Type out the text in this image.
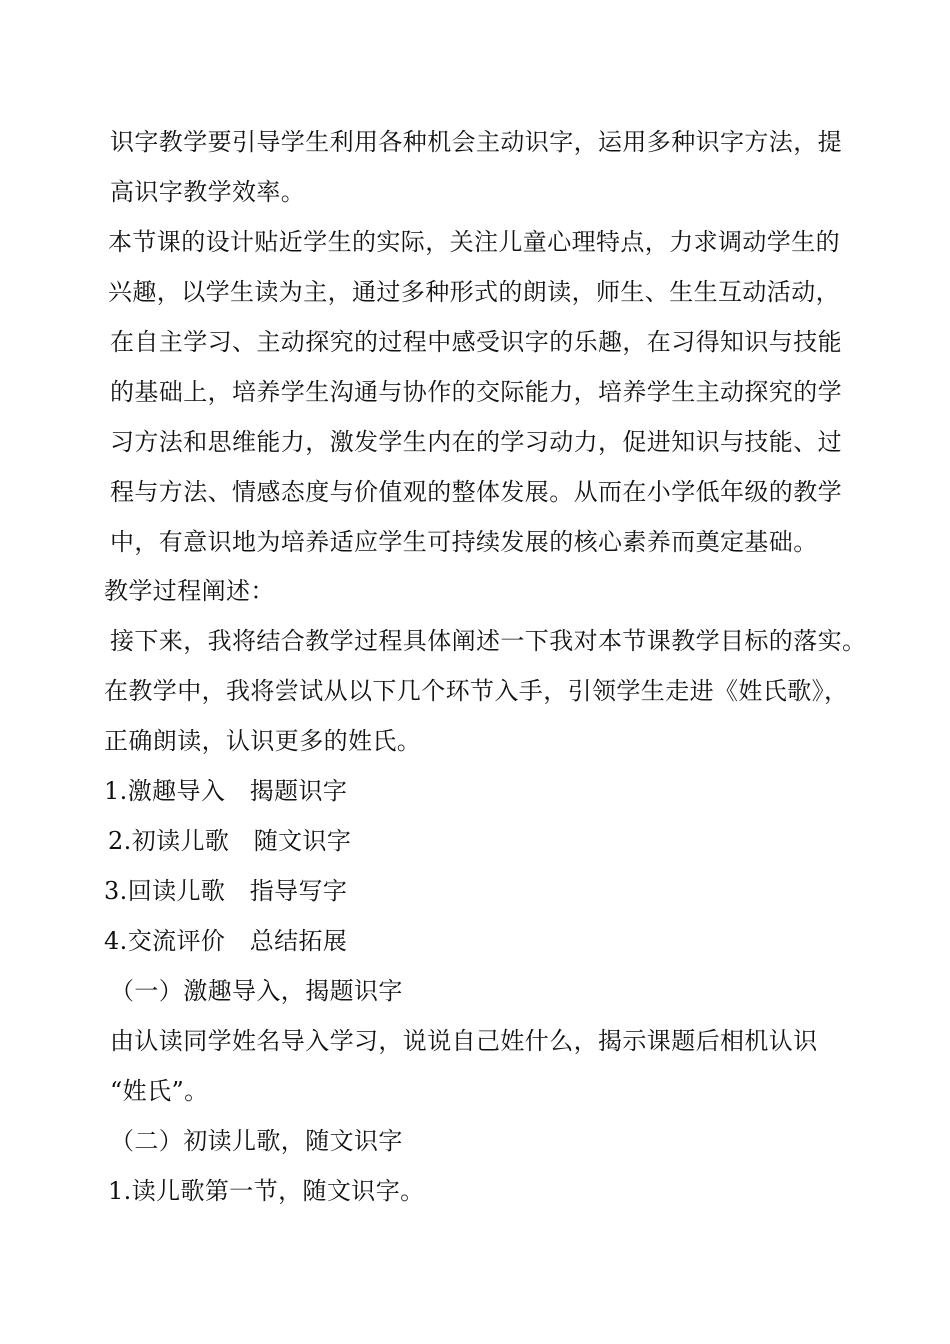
识字教学要引导学生利用各种机会主动识字，运用多种识字方法，提
高识字教学效率。
本节课的设计贴近学生的实际，关注儿童心理特点，力求调动学生的
兴趣，以学生读为主，通过多种形式的朗读，师生、生生互动活动，
在自主学习、主动探究的过程中感受识字的乐趣，在习得知识与技能
的基础上，培养学生沟通与协作的交际能力，培养学生主动探究的学
习方法和思维能力，激发学生内在的学习动力，促进知识与技能、过
程与方法、情感态度与价值观的整体发展。从而在小学低年级的教学
中，有意识地为培养适应学生可持续发展的核心素养而奠定基础。
教学过程阐述：
接下来，我将结合教学过程具体阐述一下我对本节课教学目标的落实。
在教学中，我将尝试从以下几个环节入手，引领学生走进《姓氏歌》，
正确朗读，认识更多的姓氏。
1.激趣导入　揭题识字
2.初读儿歌　随文识字
3.回读儿歌　指导写字
4.交流评价　总结拓展
（一）激趣导入，揭题识字
由认读同学姓名导入学习，说说自己姓什么，揭示课题后相机认识
“姓氏”。
（二）初读儿歌，随文识字
1.读儿歌第一节，随文识字。
